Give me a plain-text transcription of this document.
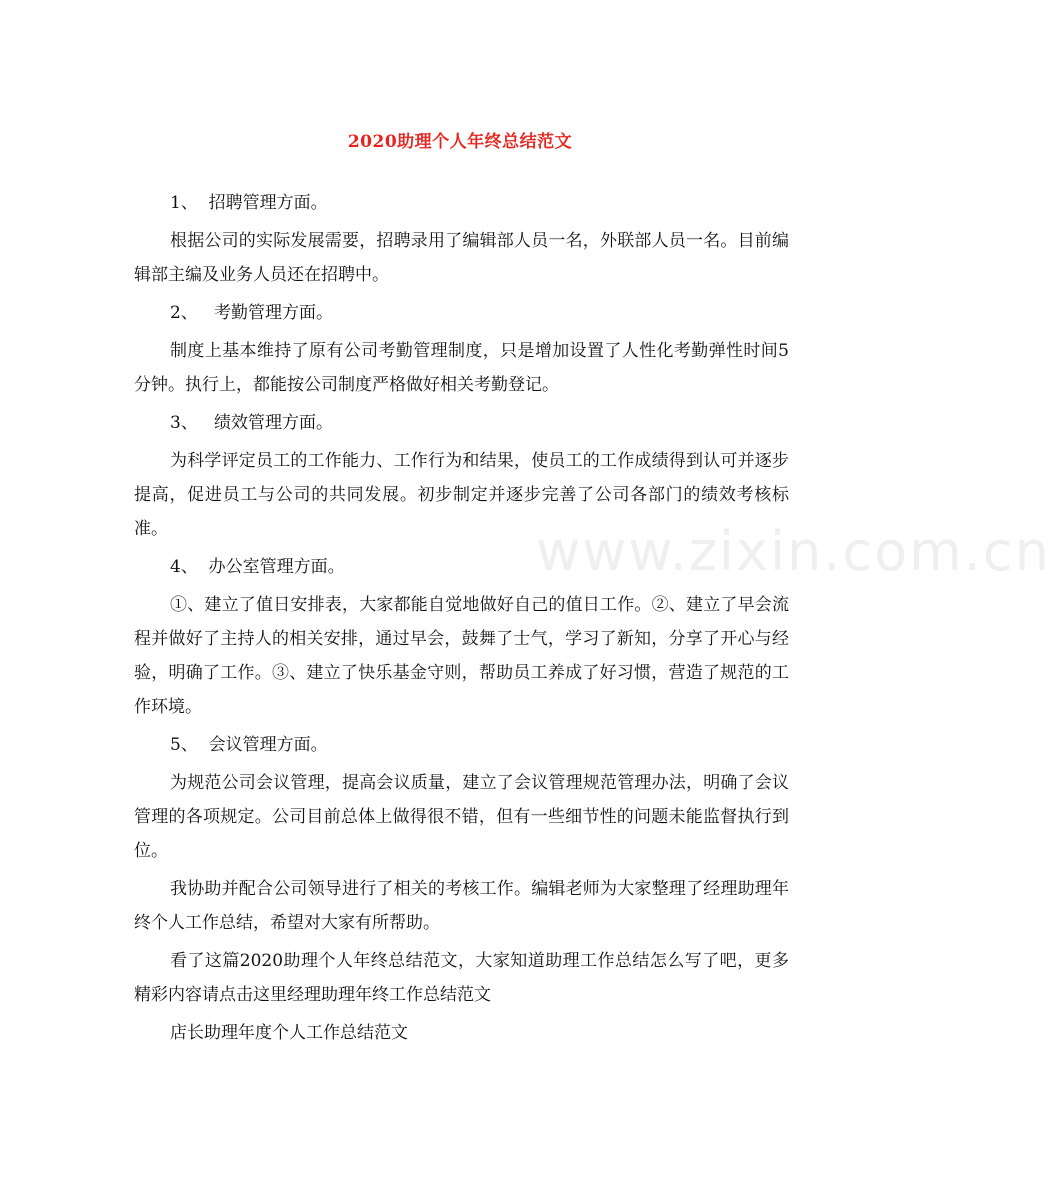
2020助理个人年终总结范文
www.zixin.com.cn

1、  招聘管理方面。

根据公司的实际发展需要，招聘录用了编辑部人员一名，外联部人员一名。目前编辑部主编及业务人员还在招聘中。

2、   考勤管理方面。

制度上基本维持了原有公司考勤管理制度，只是增加设置了人性化考勤弹性时间5分钟。执行上，都能按公司制度严格做好相关考勤登记。

3、   绩效管理方面。

为科学评定员工的工作能力、工作行为和结果，使员工的工作成绩得到认可并逐步提高，促进员工与公司的共同发展。初步制定并逐步完善了公司各部门的绩效考核标准。

4、  办公室管理方面。

①、建立了值日安排表，大家都能自觉地做好自己的值日工作。②、建立了早会流程并做好了主持人的相关安排，通过早会，鼓舞了士气，学习了新知，分享了开心与经验，明确了工作。③、建立了快乐基金守则，帮助员工养成了好习惯，营造了规范的工作环境。

5、  会议管理方面。

为规范公司会议管理，提高会议质量，建立了会议管理规范管理办法，明确了会议管理的各项规定。公司目前总体上做得很不错，但有一些细节性的问题未能监督执行到位。

我协助并配合公司领导进行了相关的考核工作。编辑老师为大家整理了经理助理年终个人工作总结，希望对大家有所帮助。

看了这篇2020助理个人年终总结范文，大家知道助理工作总结怎么写了吧，更多精彩内容请点击这里经理助理年终工作总结范文

店长助理年度个人工作总结范文
